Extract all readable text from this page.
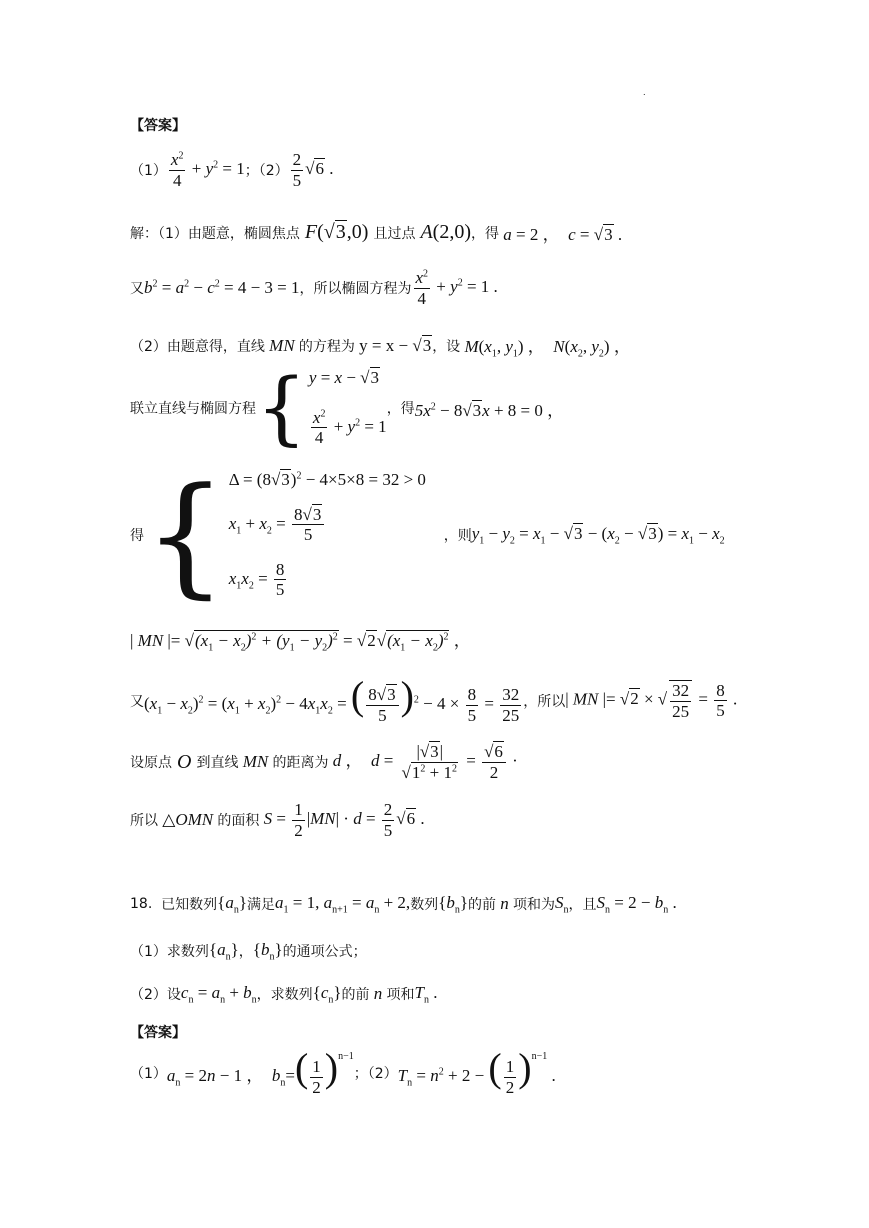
.
【答案】
$(1) \frac{x^2}{4} + y^2 = 1$ ；$(2) \frac{2}{5} √6$ .
解：（1）由题意，椭圆焦点 F(√3,0) 且过点 A(2,0) ，得 a = 2 ，  c = √3 .
又 $b^2 = a^2 - c^2 = 4 - 3 = 1$ ，所以椭圆方程为 $\frac{x^2}{4} + y^2 = 1$ .
（2）由题意得，直线 MN 的方程为 y = x − √3 ，设 $M(x_1$, $y_1$) ，  $N(x_2$, $y_2$) ，
联立直线与椭圆方程 { y = x − √3
$\frac{x^2}{4} + y^2 = 1$
，得 $5x^2 - 8√3x + 8 = 0$ ，
得 { $\Delta = (8√3)^2 - 4\times 5\times 8 = 32 > 0$
$x_1 + x_2 = \frac{8√3}{5}$
$x_1x_2 = \frac{8}{5}$
，则 $y_1 - y_2 = x_1 - √3 - (x_2 - √3) = x_1 - x_2$
| MN |= $√(x_1 - x_2)^2 + (y_1 - y_2)^2 = √2√(x_1 - x_2)^2$ ，
又 $(x_1 - x_2)^2 = (x_1 + x_2)^2 - 4x_1x_2$ = ( $\frac{8√3}{5} )^2 - 4 \times \frac{8}{5} = \frac{32}{25}$ ，所以 | MN |= √2 × √ $\frac{32}{25} = \frac{8}{5}$ .
设原点 O 到直线 MN 的距离为 d ，  $d = \frac{|√3|}{√1^2 + 1^2} = \frac{√6}{2}$ ·
所以 △OMN 的面积 $S = \frac{1}{2} |MN| \cdot d = \frac{2}{5} √6$ .
18.
已知数列 $\{a_n\}$ 满足 $a_1 = 1$, $a_{n+1} = a_n + 2$, 数列 $\{b_n\}$ 的前 n 项和为 $S_n$ ，且 $S_n = 2 - b_n$ .
（1）求数列 $\{a_n\}$ ， $\{b_n\}$ 的通项公式；
（2）设 $c_n = a_n + b_n$ ，求数列 $\{c_n\}$ 的前 n 项和 $T_n$ .
【答案】
（1） $a_n = 2n - 1$ ，  $b_n=( \frac{1}{2} )^{n-1}$
；（2） $T_n = n^2 + 2$ − ( $\frac{1}{2} )^{n-1}$ .
